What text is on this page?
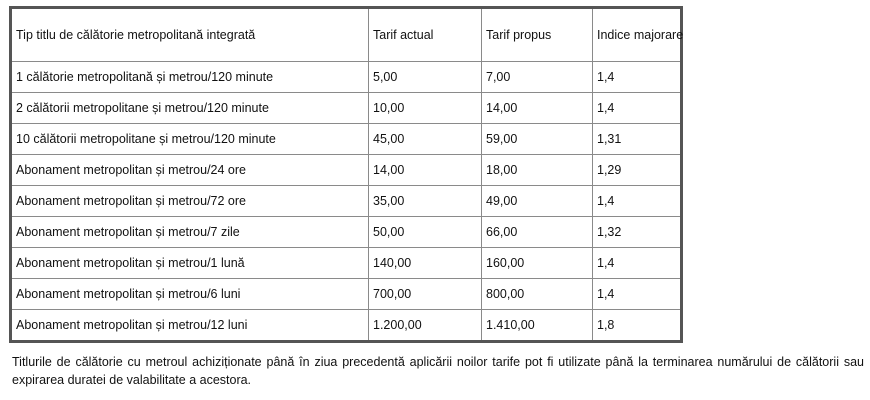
¸
Tip titlu de călătorie metropolitană integrată	Tarif actual	Tarif propus	Indice majorare
1 călătorie metropolitană și metrou/120 minute	5,00	7,00	1,4
2 călătorii metropolitane și metrou/120 minute	10,00	14,00	1,4
10 călătorii metropolitane și metrou/120 minute	45,00	59,00	1,31
Abonament metropolitan și metrou/24 ore	14,00	18,00	1,29
Abonament metropolitan și metrou/72 ore	35,00	49,00	1,4
Abonament metropolitan și metrou/7 zile	50,00	66,00	1,32
Abonament metropolitan și metrou/1 lună	140,00	160,00	1,4
Abonament metropolitan și metrou/6 luni	700,00	800,00	1,4
Abonament metropolitan și metrou/12 luni	1.200,00	1.410,00	1,8

Titlurile de călătorie cu metroul achiziționate până în ziua precedentă aplicării noilor tarife pot fi utilizate până la terminarea numărului de călătorii sau expirarea duratei de valabilitate a acestora.
